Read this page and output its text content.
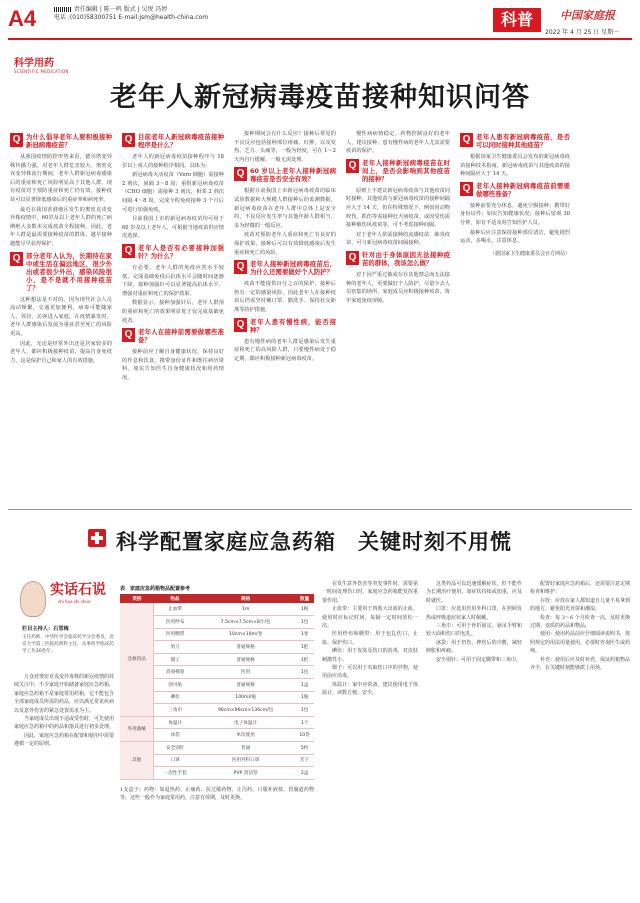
A4	责任编辑 | 陈一鸣 版式 | 吴悦 冯婷
电话 :(010)58300751 E-mail:jsm@health-china.com	科普	中国家庭报
2022 年 4 月 25 日 星期一
科学用药
SCIENTIFIC MEDICATION
老年人新冠病毒疫苗接种知识问答
Q 为什么倡导老年人要积极接种新冠病毒疫苗？

从我国疫情防控形势来看，德尔塔变异株传播力强，对老年人群危害较大，奥密克戎变异株流行期间，老年人群新冠病毒感染后的重症和死亡风险明显高于其他人群。现有疫苗对于预防重症和死亡仍有效，接种疫苗可以显著降低感染后的重症率和病死率。

最近在我国香港地区发生的奥密克戎变异株疫情中，60岁及以上老年人群的死亡病例绝大多数未完成疫苗全程接种。因此，老年人群是最需要接种疫苗的群体，越早接种越能尽早获得保护。

Q 部分老年人认为，长期待在家中或生活在偏远地区，很少外出或者很少外出，感染风险很小，是不是就不用接种疫苗了？

这种想法是不对的。因为现代社会人员流动频繁，交通更加便利，病毒可能随家人、邻居、访客进入家庭。在疫情暴发时，老年人群感染后发展为重症甚至死亡的风险更高。

因此，无论是经常外出还是居家较多的老年人，都应积极接种疫苗，提高自身免疫力，这是保护自己和家人的有效措施。

Q 目前老年人新冠病毒疫苗接种程序是什么？

老年人的新冠病毒疫苗接种程序与 18 岁以上成人的接种程序相同。具体为：

新冠病毒灭活疫苗（Vero 细胞）需接种 2 剂次，间隔 3～8 周；重组新冠病毒疫苗（CHO 细胞）需接种 3 剂次，相邻 2 剂次间隔 4～8 周。完成全程免疫接种 3 个月后可进行加强免疫。

目前我国上市的新冠病毒疫苗均可用于 60 岁及以上老年人，可根据当地疫苗供应情况选择。

Q 老年人是否有必要接种加强针？为什么？

有必要。老年人群的免疫应答水平较低，完成基础免疫后抗体水平会随时间逐渐下降，接种加强针可以显著提高抗体水平，增强对重症和死亡的保护效果。

数据显示，接种加强针后，老年人群预防重症和死亡的效果明显优于仅完成基础免疫者。

Q 老年人在接种前需要做哪些准备？

接种前应了解自身健康状况，保持良好的作息和饮食，携带身份证件和既往病历资料，如实告知医生自身健康状况和用药情况。

接种期间会有什么反应？接种后常见的不良反应包括接种部位疼痛、红肿，以及发热、乏力、头痛等，一般为轻度，可在 1～2 天内自行缓解，一般无需处理。

Q 60 岁以上老年人接种新冠病毒疫苗是否安全有效？

根据目前我国上市新冠病毒疫苗的临床试验数据和大规模人群接种后的监测数据，新冠病毒疫苗在老年人群中总体上是安全的，不良反应发生率与其他年龄人群相当，多为轻微的一般反应。

疫苗对预防老年人重症和死亡有良好的保护效果，接种后可以有效降低感染后发生重症和死亡的风险。

Q 老年人接种新冠病毒疫苗后，为什么还需要做好个人防护？

疫苗不能提供百分之百的保护，接种后仍有一定的感染风险，因此老年人在接种疫苗后仍需坚持戴口罩、勤洗手、保持社交距离等防护措施。

Q 老年人患有慢性病，能否接种？

患有慢性病的老年人群是感染后发生重症和死亡的高风险人群，只要慢性病处于稳定期，都应积极接种新冠病毒疫苗。

慢性病病情稳定、药物控制良好的老年人，建议接种。患有慢性病的老年人尤其需要疫苗的保护。

Q 老年人接种新冠病毒疫苗在时间上，是否会影响到其他疫苗的接种？

原则上不建议新冠病毒疫苗与其他疫苗同时接种。其他疫苗与新冠病毒疫苗的接种间隔应大于 14 天。但在特殊情况下，例如因动物咬伤、抓伤等需接种狂犬病疫苗，或因受伤需接种破伤风疫苗等，可不考虑接种间隔。

对于老年人常需接种的流感疫苗、肺炎疫苗，可与新冠病毒疫苗间隔接种。

Q 针对由于身体原因无法接种疫苗的群体，我该怎么做？

对于因严重过敏或存在其他禁忌而无法接种的老年人，更要做好个人防护，尽量少去人员密集的场所，家庭成员应积极接种疫苗，筑牢家庭免疫屏障。

Q 老年人患有新冠病毒疫苗，是否可以同时接种其他疫苗？

根据国家卫生健康委员会发布的新冠病毒疫苗接种技术指南，新冠病毒疫苗与其他疫苗的接种间隔应大于 14 天。

Q 老年人接种新冠病毒疫苗前需要做哪些准备？

接种前要充分休息，避免空腹接种；携带好身份证件；如实告知健康状况；接种后留观 30 分钟，如有不适及时告知医护人员。

接种后应注意保持接种部位清洁，避免剧烈运动，多喝水，注意休息。

（据国家卫生健康委员会官方网站）
科学配置家庭应急药箱　关键时刻不用慌
实话石说
shi hua shi shuo
栏目主持人：石雪梅
主任药师，中华医学会临床药学分会委员，北京大学第三医院药剂科主任，从事药学临床药学工作30余年。

万众对奥密克戎变异毒株的新冠疫情的持续关注中，不少家庭开始储备家庭应急药箱。家庭应急药箱不是家庭常用药箱，它不能包含全部家庭成员所需的药品，应以满足常见疾病以及意外伤害的紧急处置需求为主。

当家庭成员出现不适或受伤时，可先使用家庭应急药箱中的药品和器具进行初步处理。

因此，家庭应急药箱在配置和使用中需要遵循一定的原则。

表　家庭应急药箱物品配置参考
类别	物品	规格	数量
急救用品	止血带	1m	1根
	医用纱布	7.5cm×7.5cm×8片/包	1包
	医用绷带	10cm×10m/卷	1卷
	剪刀	普通规格	1把
	镊子	普通规格	1把
	消毒棉签	医用	1包
	创可贴	普通规格	1盒
	碘伏	100ml/瓶	1瓶
	三角巾	96cm×96cm×136cm/包	1包
外用器械	体温计	电子体温计	1个
	冰袋	单次使用	10袋
其他	安全别针	普通	5枚
	口罩	医用外科口罩	若干
	一次性手套	PVP 清洁型	2盒

1支盒子；药物：如退热药、止痛药、抗过敏药物、止泻药、口服补液盐、胃肠道药物等，这些一般作为家庭常用药，注意有效期，及时更换。

在发生意外伤害等突发事件时，需要第一时间处理伤口时，家庭应急药箱能发挥重要作用。

止血带：主要用于四肢大出血的止血，使用时应标记时间，每隔一定时间放松一次。

医用纱布和绷带：用于包扎伤口，止血、保护伤口。

碘伏：用于皮肤及伤口的消毒，对皮肤刺激性小。

镊子：可以用于夹取伤口中的异物，使用前应消毒。

体温计：家中应常备，建议使用电子体温计，读数方便、安全。

这类药品可以迅速缓解症状，但不能作为长期治疗使用，如症状持续或加重，应及时就医。

口罩：应选用医用外科口罩，在照顾发热或呼吸道症状家人时佩戴。

三角巾：可用于骨折固定、悬吊手臂和较大面积伤口的包扎。

冰袋：用于扭伤、挫伤后的冷敷，减轻肿胀和疼痛。

安全别针：可用于固定绷带和三角巾。

配置好家庭应急药箱后，还需要注意定期检查和维护：

存放：应放在家人都知道且儿童不易拿到的地方，避免阳光直射和潮湿。

检查：每 3～6 个月检查一次，及时更换过期、变质的药品和物品。

使用：使用药品前应仔细阅读说明书，按照规定的用法用量使用，必要时咨询医生或药师。

补充：使用后应及时补充，保证药箱物品齐全，在关键时刻能够派上用场。
